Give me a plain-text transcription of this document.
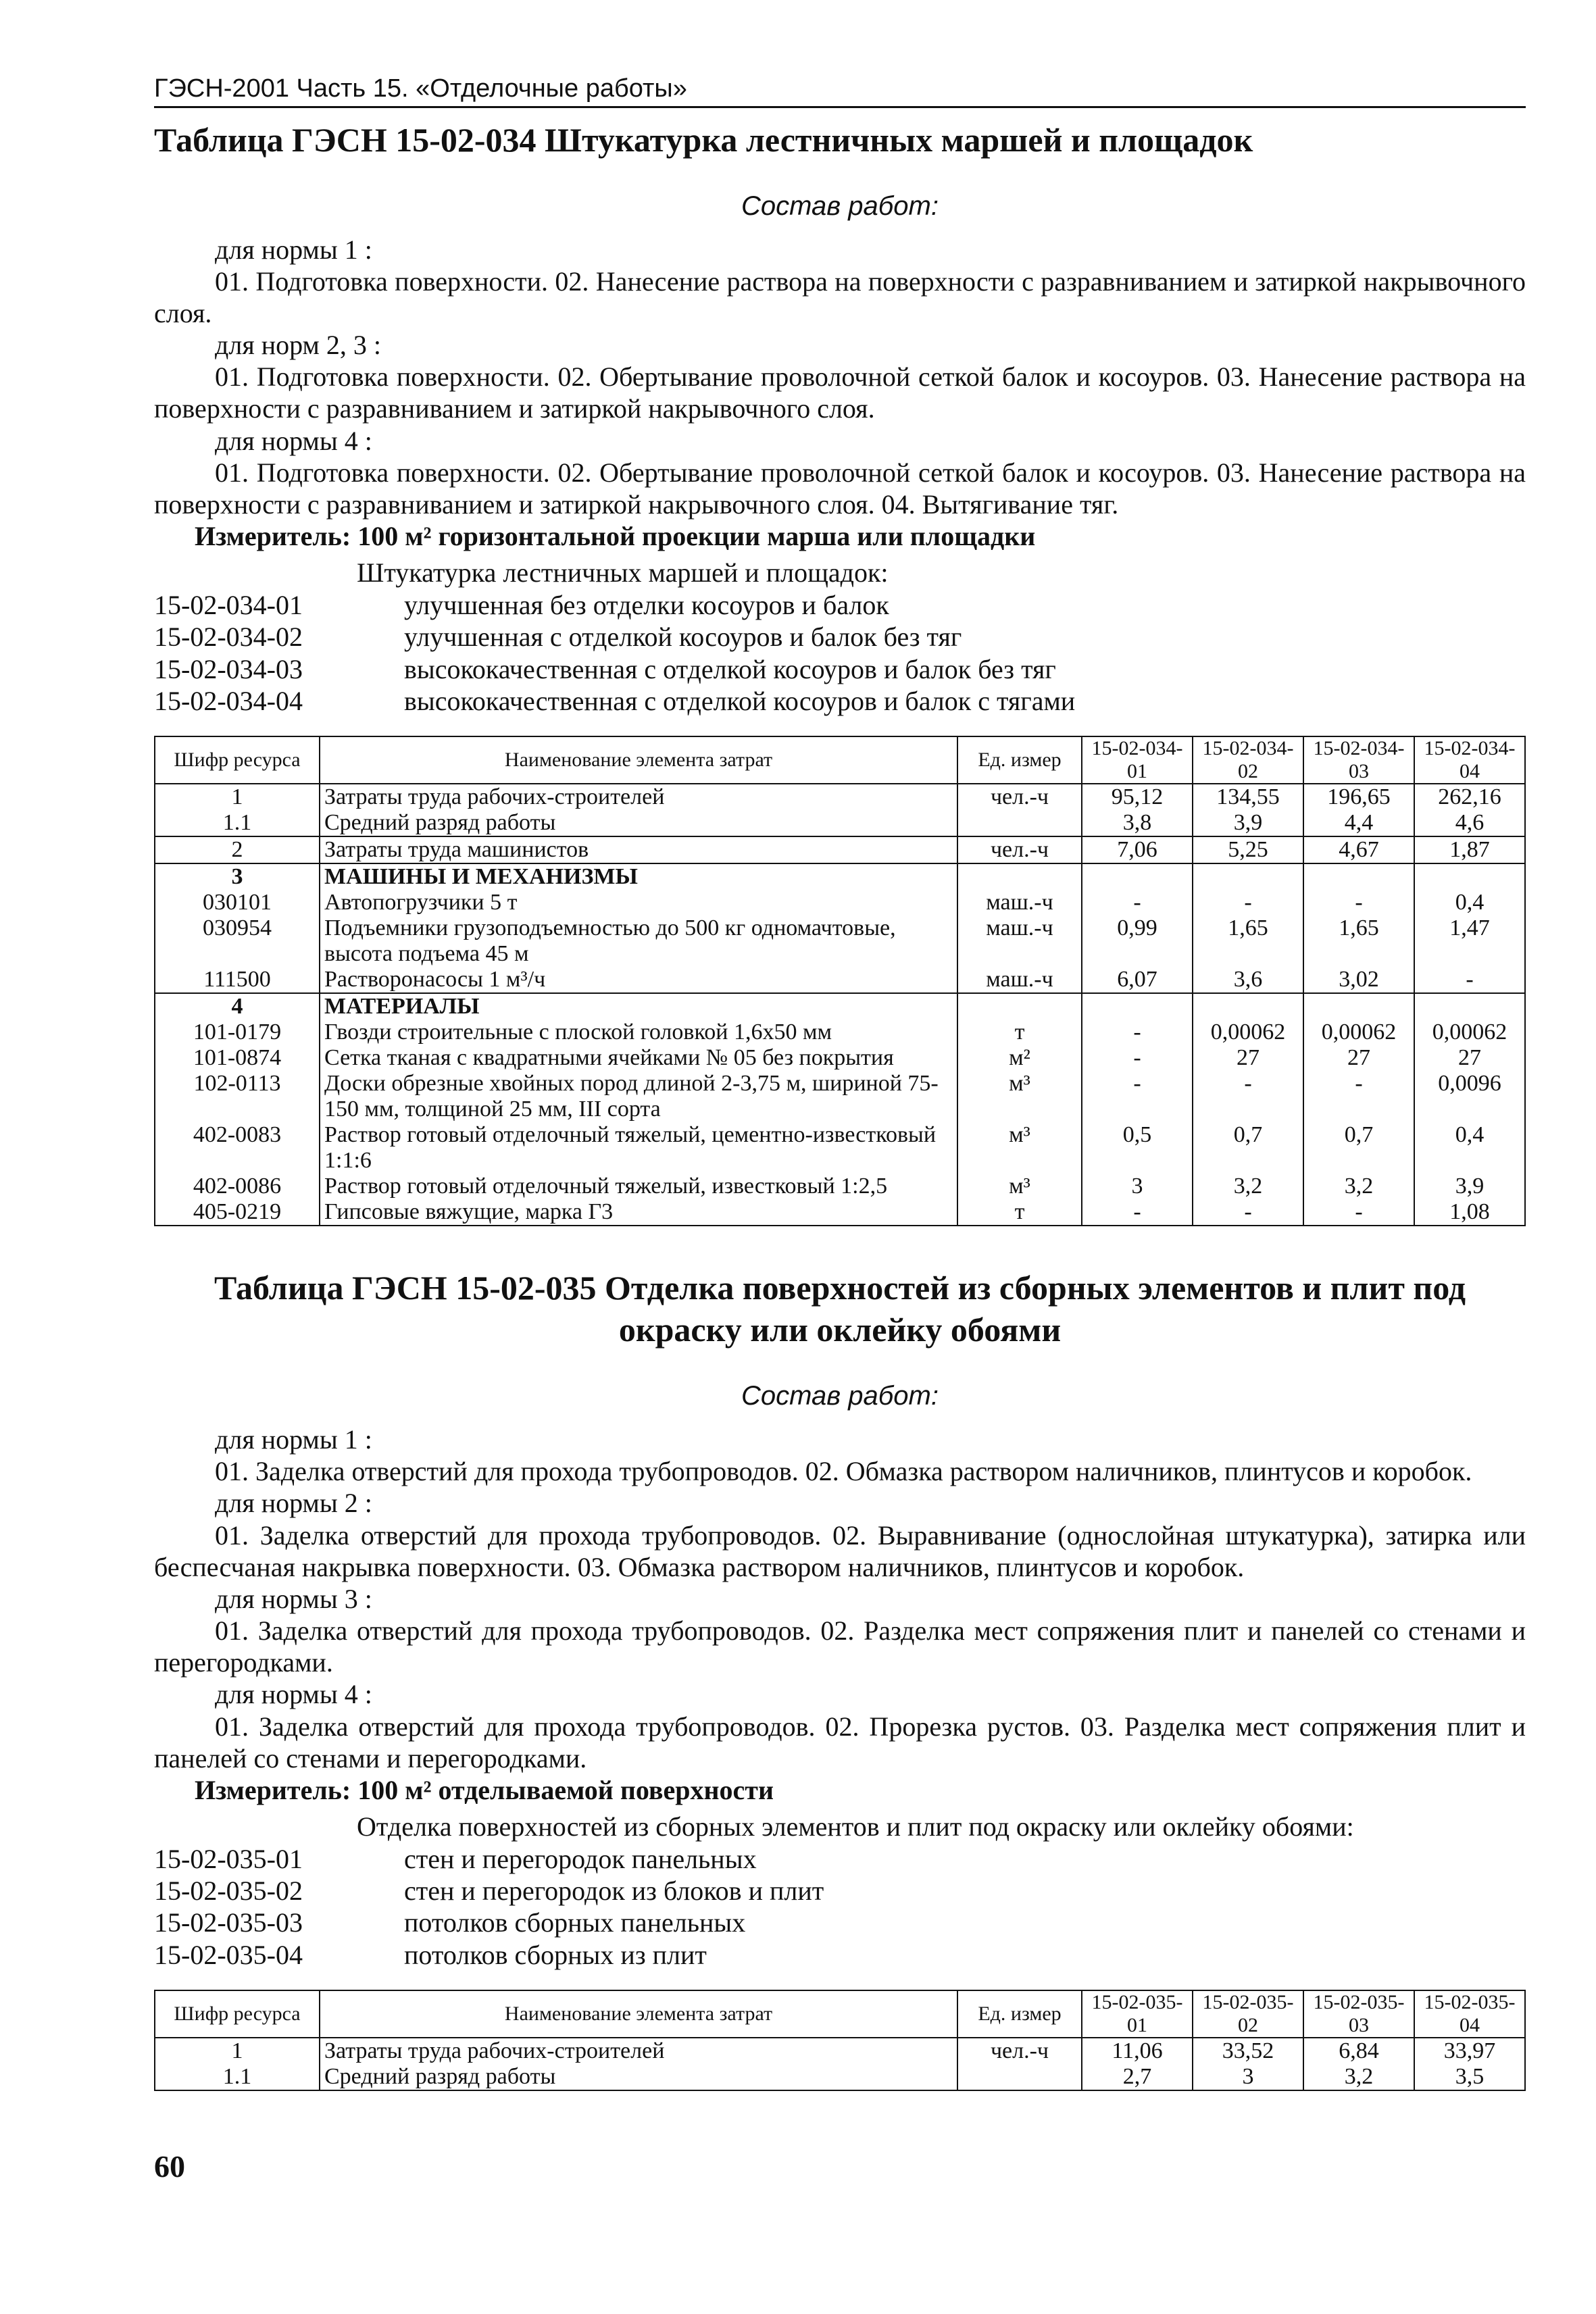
ГЭСН-2001 Часть 15. «Отделочные работы»
Таблица ГЭСН 15-02-034 Штукатурка лестничных маршей и площадок
Состав работ:

для нормы 1 :

01. Подготовка поверхности. 02. Нанесение раствора на поверхности с разравниванием и затиркой накрывочного слоя.

для норм 2, 3 :

01. Подготовка поверхности. 02. Обертывание проволочной сеткой балок и косоуров. 03. Нанесение раствора на поверхности с разравниванием и затиркой накрывочного слоя.

для нормы 4 :

01. Подготовка поверхности. 02. Обертывание проволочной сеткой балок и косоуров. 03. Нанесение раствора на поверхности с разравниванием и затиркой накрывочного слоя. 04. Вытягивание тяг.

Измеритель: 100 м² горизонтальной проекции марша или площадки
Штукатурка лестничных маршей и площадок:
15-02-034-01	улучшенная без отделки косоуров и балок
15-02-034-02	улучшенная с отделкой косоуров и балок без тяг
15-02-034-03	высококачественная с отделкой косоуров и балок без тяг
15-02-034-04	высококачественная с отделкой косоуров и балок с тягами
Шифр ресурса	Наименование элемента затрат	Ед. измер	15-02-034-01	15-02-034-02	15-02-034-03	15-02-034-04
1	Затраты труда рабочих-строителей	чел.-ч	95,12	134,55	196,65	262,16
1.1	Средний разряд работы		3,8	3,9	4,4	4,6
2	Затраты труда машинистов	чел.-ч	7,06	5,25	4,67	1,87
3	МАШИНЫ И МЕХАНИЗМЫ					
030101	Автопогрузчики 5 т	маш.-ч	-	-	-	0,4
030954	Подъемники грузоподъемностью до 500 кг одномачтовые, высота подъема 45 м	маш.-ч	0,99	1,65	1,65	1,47
111500	Растворонасосы 1 м³/ч	маш.-ч	6,07	3,6	3,02	-
4	МАТЕРИАЛЫ					
101-0179	Гвозди строительные с плоской головкой 1,6x50 мм	т	-	0,00062	0,00062	0,00062
101-0874	Сетка тканая с квадратными ячейками № 05 без покрытия	м²	-	27	27	27
102-0113	Доски обрезные хвойных пород длиной 2-3,75 м, шириной 75-150 мм, толщиной 25 мм, III сорта	м³	-	-	-	0,0096
402-0083	Раствор готовый отделочный тяжелый, цементно-известковый 1:1:6	м³	0,5	0,7	0,7	0,4
402-0086	Раствор готовый отделочный тяжелый, известковый 1:2,5	м³	3	3,2	3,2	3,9
405-0219	Гипсовые вяжущие, марка Г3	т	-	-	-	1,08
Таблица ГЭСН 15-02-035 Отделка поверхностей из сборных элементов и плит под окраску или оклейку обоями
Состав работ:

для нормы 1 :

01. Заделка отверстий для прохода трубопроводов. 02. Обмазка раствором наличников, плинтусов и коробок.

для нормы 2 :

01. Заделка отверстий для прохода трубопроводов. 02. Выравнивание (однослойная штукатурка), затирка или беспесчаная накрывка поверхности. 03. Обмазка раствором наличников, плинтусов и коробок.

для нормы 3 :

01. Заделка отверстий для прохода трубопроводов. 02. Разделка мест сопряжения плит и панелей со стенами и перегородками.

для нормы 4 :

01. Заделка отверстий для прохода трубопроводов. 02. Прорезка рустов. 03. Разделка мест сопряжения плит и панелей со стенами и перегородками.

Измеритель: 100 м² отделываемой поверхности
Отделка поверхностей из сборных элементов и плит под окраску или оклейку обоями:
15-02-035-01	стен и перегородок панельных
15-02-035-02	стен и перегородок из блоков и плит
15-02-035-03	потолков сборных панельных
15-02-035-04	потолков сборных из плит
Шифр ресурса	Наименование элемента затрат	Ед. измер	15-02-035-01	15-02-035-02	15-02-035-03	15-02-035-04
1	Затраты труда рабочих-строителей	чел.-ч	11,06	33,52	6,84	33,97
1.1	Средний разряд работы		2,7	3	3,2	3,5
60
